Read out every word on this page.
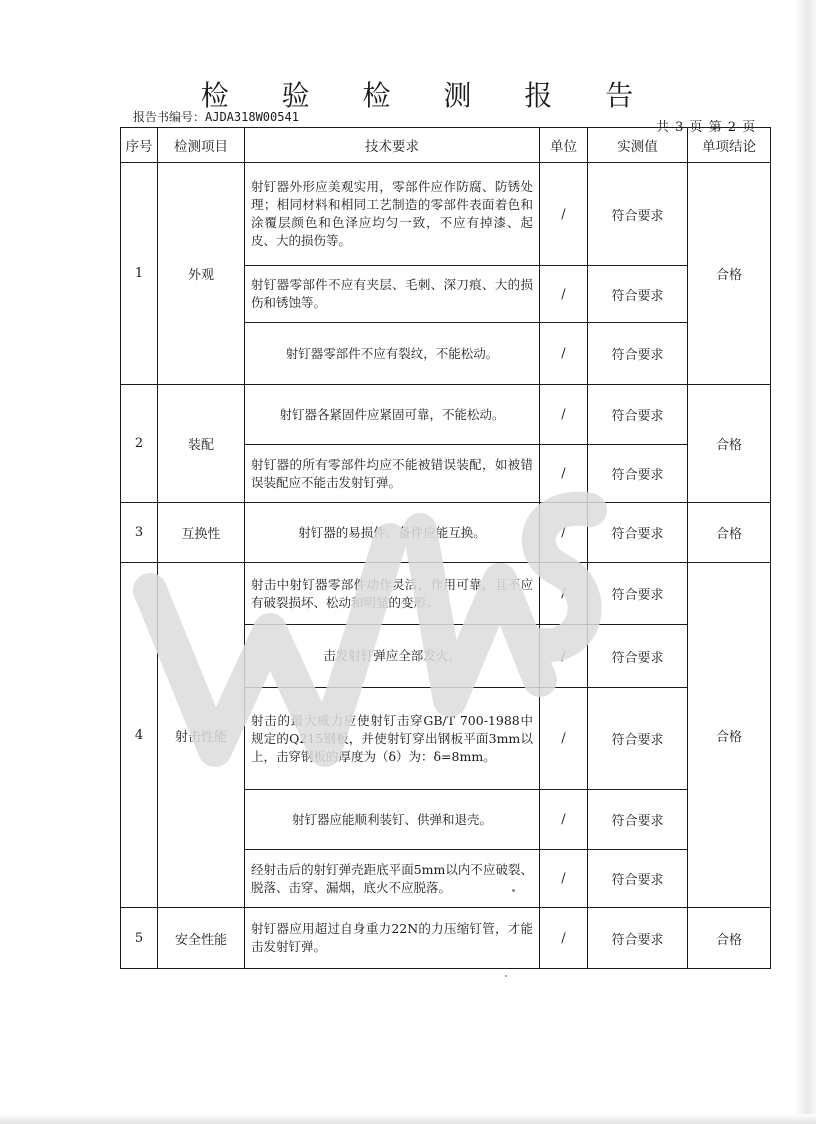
检 验 检 测 报 告
报告书编号：AJDA318W00541
共 3 页 第 2 页
序号	检测项目	技术要求	单位	实测值	单项结论
1	外观	射钉器外形应美观实用，零部件应作防腐、防锈处理；相同材料和相同工艺制造的零部件表面着色和涂覆层颜色和色泽应均匀一致，不应有掉漆、起皮、大的损伤等。	/	符合要求	合格
		射钉器零部件不应有夹层、毛刺、深刀痕、大的损伤和锈蚀等。	/	符合要求	
		射钉器零部件不应有裂纹，不能松动。	/	符合要求	
2	装配	射钉器各紧固件应紧固可靠，不能松动。	/	符合要求	合格
		射钉器的所有零部件均应不能被错误装配，如被错误装配应不能击发射钉弹。	/	符合要求	
3	互换性	射钉器的易损件、备件应能互换。	/	符合要求	合格
4	射击性能	射击中射钉器零部件动作灵活，作用可靠，且不应有破裂损坏、松动和明显的变形。	/	符合要求	合格
		击发射钉弹应全部发火。	/	符合要求	
		射击的最大威力应使射钉击穿GB/T 700-1988中规定的Q215钢板，并使射钉穿出钢板平面3mm以上，击穿钢板的厚度为（δ）为：δ=8mm。	/	符合要求	
		射钉器应能顺利装钉、供弹和退壳。	/	符合要求	
		经射击后的射钉弹壳距底平面5mm以内不应破裂、脱落、击穿、漏烟，底火不应脱落。	/	符合要求	
5	安全性能	射钉器应用超过自身重力22N的力压缩钉管，才能击发射钉弹。	/	符合要求	合格
